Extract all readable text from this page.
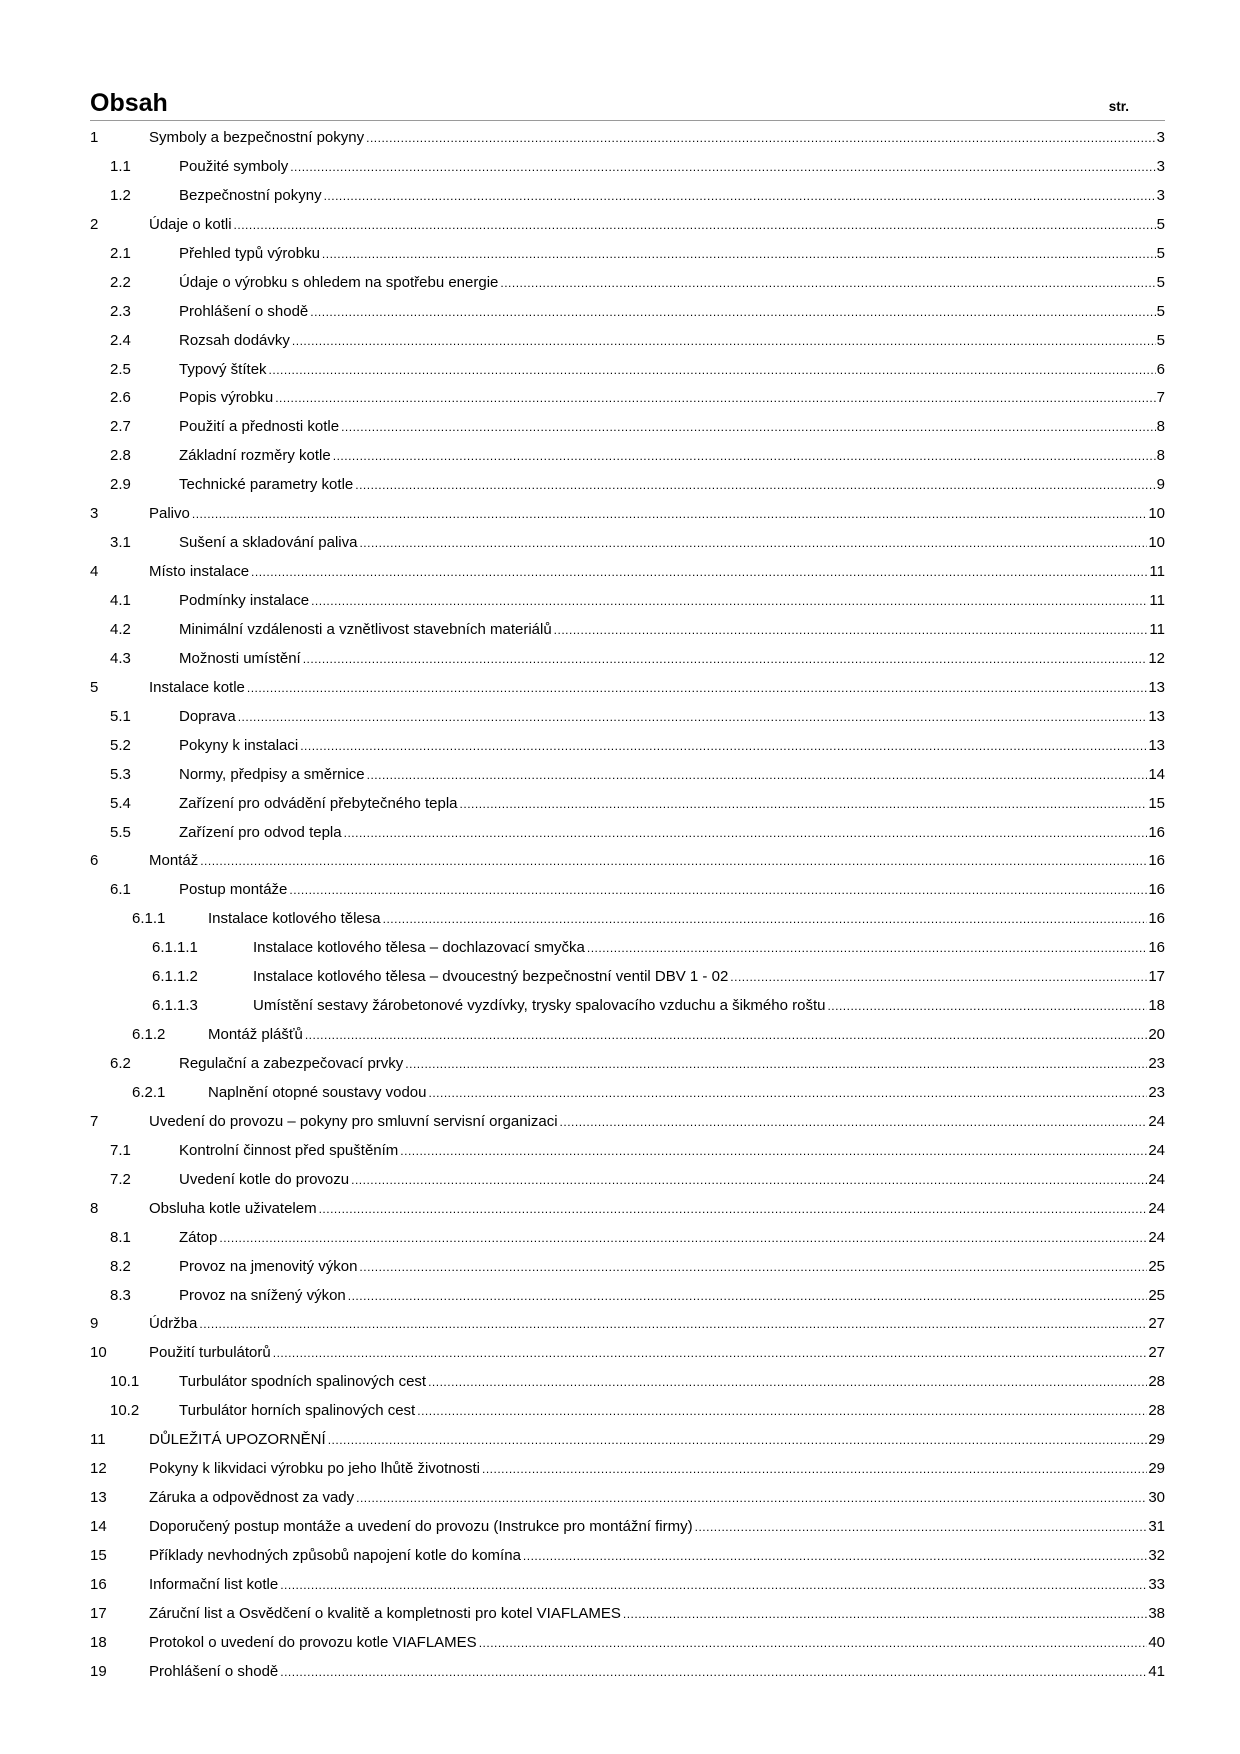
Obsah	str.
1	Symboly a bezpečnostní pokyny .....	3
1.1	Použité symboly .....	3
1.2	Bezpečnostní pokyny .....	3
2	Údaje o kotli .....	5
2.1	Přehled typů výrobku .....	5
2.2	Údaje o výrobku s ohledem na spotřebu energie .....	5
2.3	Prohlášení o shodě .....	5
2.4	Rozsah dodávky .....	5
2.5	Typový štítek .....	6
2.6	Popis výrobku .....	7
2.7	Použití a přednosti kotle .....	8
2.8	Základní rozměry kotle .....	8
2.9	Technické parametry kotle .....	9
3	Palivo .....	10
3.1	Sušení a skladování paliva .....	10
4	Místo instalace .....	11
4.1	Podmínky instalace .....	11
4.2	Minimální vzdálenosti a vznětlivost stavebních materiálů .....	11
4.3	Možnosti umístění .....	12
5	Instalace kotle .....	13
5.1	Doprava .....	13
5.2	Pokyny k instalaci .....	13
5.3	Normy, předpisy a směrnice .....	14
5.4	Zařízení pro odvádění přebytečného tepla .....	15
5.5	Zařízení pro odvod tepla .....	16
6	Montáž .....	16
6.1	Postup montáže .....	16
6.1.1	Instalace kotlového tělesa .....	16
6.1.1.1	Instalace kotlového tělesa – dochlazovací smyčka .....	16
6.1.1.2	Instalace kotlového tělesa – dvoucestný bezpečnostní ventil DBV 1 - 02 .....	17
6.1.1.3	Umístění sestavy žárobetonové vyzdívky, trysky spalovacího vzduchu a šikmého roštu .....	18
6.1.2	Montáž plášťů .....	20
6.2	Regulační a zabezpečovací prvky .....	23
6.2.1	Naplnění otopné soustavy vodou .....	23
7	Uvedení do provozu – pokyny pro smluvní servisní organizaci .....	24
7.1	Kontrolní činnost před spuštěním .....	24
7.2	Uvedení kotle do provozu .....	24
8	Obsluha kotle uživatelem .....	24
8.1	Zátop .....	24
8.2	Provoz na jmenovitý výkon .....	25
8.3	Provoz na snížený výkon .....	25
9	Údržba .....	27
10	Použití turbulátorů .....	27
10.1	Turbulátor spodních spalinových cest .....	28
10.2	Turbulátor horních spalinových cest .....	28
11	DŮLEŽITÁ UPOZORNĚNÍ .....	29
12	Pokyny k likvidaci výrobku po jeho lhůtě životnosti .....	29
13	Záruka a odpovědnost za vady .....	30
14	Doporučený postup montáže a uvedení do provozu (Instrukce pro montážní firmy) .....	31
15	Příklady nevhodných způsobů napojení kotle do komína .....	32
16	Informační list kotle .....	33
17	Záruční list a Osvědčení o kvalitě a kompletnosti pro kotel VIAFLAMES .....	38
18	Protokol o uvedení do provozu kotle VIAFLAMES .....	40
19	Prohlášení o shodě .....	41
